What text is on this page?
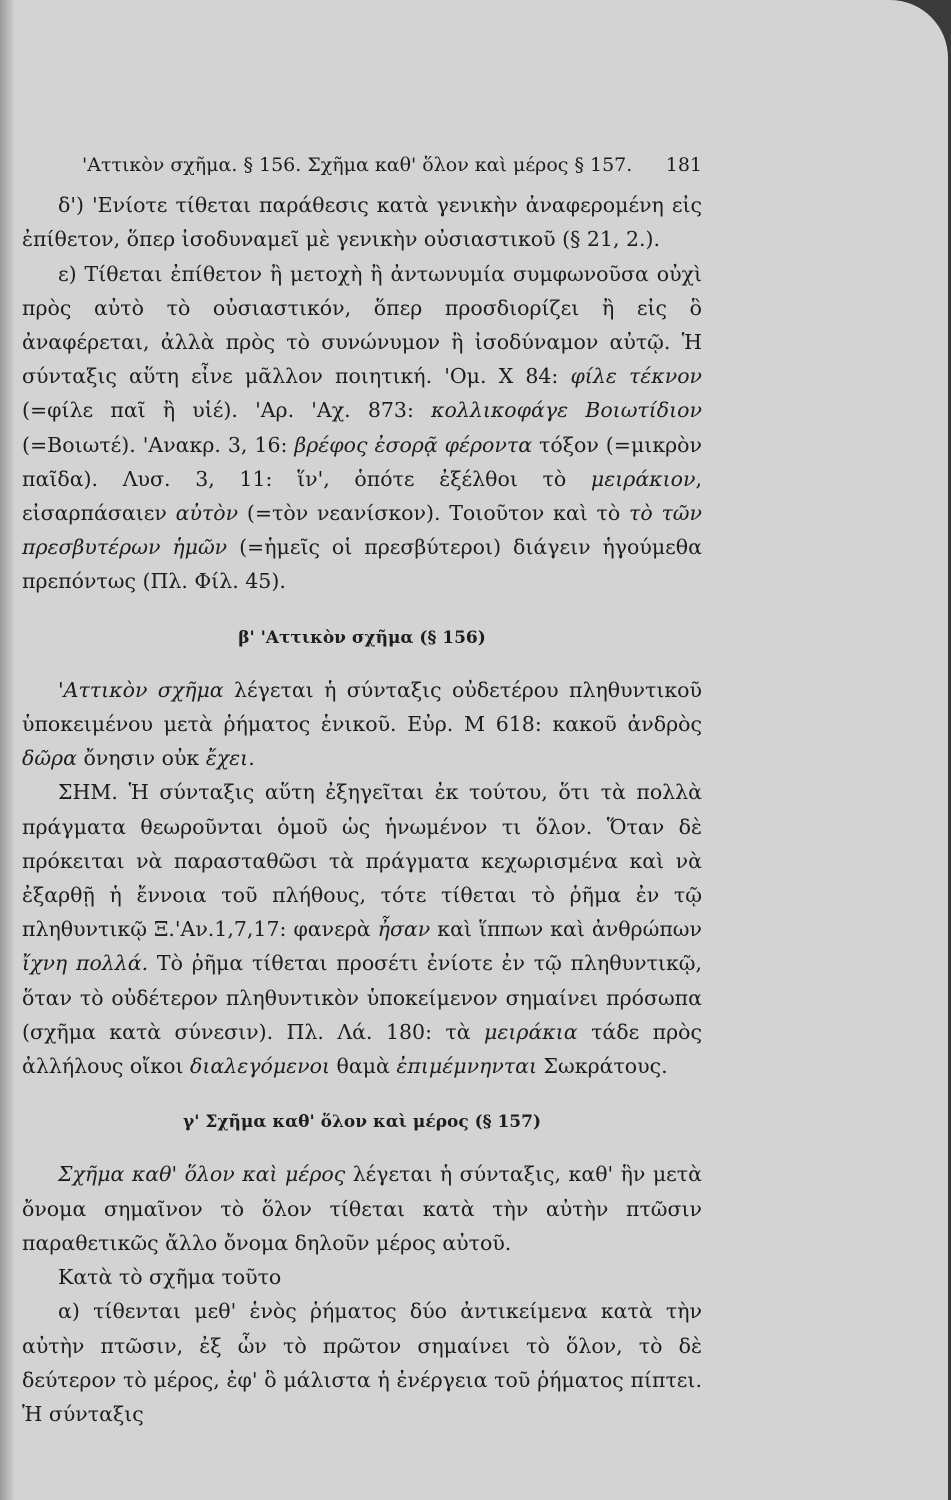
'Αττικὸν σχῆμα. § 156. Σχῆμα καθ' ὅλον καὶ μέρος § 157. 181

δ') 'Ενίοτε τίθεται παράθεσις κατὰ γενικὴν ἀναφερομένη εἰς ἐπίθετον, ὅπερ ἰσοδυναμεῖ μὲ γενικὴν οὐσιαστικοῦ (§ 21, 2.).

ε) Τίθεται ἐπίθετον ἢ μετοχὴ ἢ ἀντωνυμία συμφωνοῦσα οὐχὶ πρὸς αὐτὸ τὸ οὐσιαστικόν, ὅπερ προσδιορίζει ἢ εἰς ὃ ἀναφέρεται, ἀλλὰ πρὸς τὸ συνώνυμον ἢ ἰσοδύναμον αὐτῷ. Ἡ σύνταξις αὕτη εἶνε μᾶλλον ποιητική. 'Ομ. Χ 84: φίλε τέκνον (=φίλε παῖ ἢ υἱέ). 'Αρ. 'Αχ. 873: κολλικοφάγε Βοιωτίδιον (=Βοιωτέ). 'Ανακρ. 3, 16: βρέφος ἐσορᾷ φέροντα τόξον (=μικρὸν παῖδα). Λυσ. 3, 11: ἵν', ὁπότε ἐξέλθοι τὸ μειράκιον, εἰσαρπάσαιεν αὐτὸν (=τὸν νεανίσκον). Τοιοῦτον καὶ τὸ τὸ τῶν πρεσβυτέρων ἡμῶν (=ἡμεῖς οἱ πρεσβύτεροι) διάγειν ἡγούμεθα πρεπόντως (Πλ. Φίλ. 45).

β' 'Αττικὸν σχῆμα (§ 156)

'Αττικὸν σχῆμα λέγεται ἡ σύνταξις οὐδετέρου πληθυντικοῦ ὑποκειμένου μετὰ ῥήματος ἑνικοῦ. Εὐρ. Μ 618: κακοῦ ἀνδρὸς δῶρα ὄνησιν οὐκ ἔχει.

ΣΗΜ. Ἡ σύνταξις αὕτη ἐξηγεῖται ἐκ τούτου, ὅτι τὰ πολλὰ πράγματα θεωροῦνται ὁμοῦ ὡς ἡνωμένον τι ὅλον. Ὅταν δὲ πρόκειται νὰ παρασταθῶσι τὰ πράγματα κεχωρισμένα καὶ νὰ ἐξαρθῇ ἡ ἔννοια τοῦ πλήθους, τότε τίθεται τὸ ῥῆμα ἐν τῷ πληθυντικῷ Ξ.'Αν.1,7,17: φανερὰ ἦσαν καὶ ἵππων καὶ ἀνθρώπων ἴχνη πολλά. Τὸ ῥῆμα τίθεται προσέτι ἐνίοτε ἐν τῷ πληθυντικῷ, ὅταν τὸ οὐδέτερον πληθυντικὸν ὑποκείμενον σημαίνει πρόσωπα (σχῆμα κατὰ σύνεσιν). Πλ. Λά. 180: τὰ μειράκια τάδε πρὸς ἀλλήλους οἴκοι διαλεγόμενοι θαμὰ ἐπιμέμνηνται Σωκράτους.

γ' Σχῆμα καθ' ὅλον καὶ μέρος (§ 157)

Σχῆμα καθ' ὅλον καὶ μέρος λέγεται ἡ σύνταξις, καθ' ἣν μετὰ ὄνομα σημαῖνον τὸ ὅλον τίθεται κατὰ τὴν αὐτὴν πτῶσιν παραθετικῶς ἄλλο ὄνομα δηλοῦν μέρος αὐτοῦ.

Κατὰ τὸ σχῆμα τοῦτο

α) τίθενται μεθ' ἑνὸς ῥήματος δύο ἀντικείμενα κατὰ τὴν αὐτὴν πτῶσιν, ἐξ ὧν τὸ πρῶτον σημαίνει τὸ ὅλον, τὸ δὲ δεύτερον τὸ μέρος, ἐφ' ὃ μάλιστα ἡ ἐνέργεια τοῦ ῥήματος πίπτει. Ἡ σύνταξις
